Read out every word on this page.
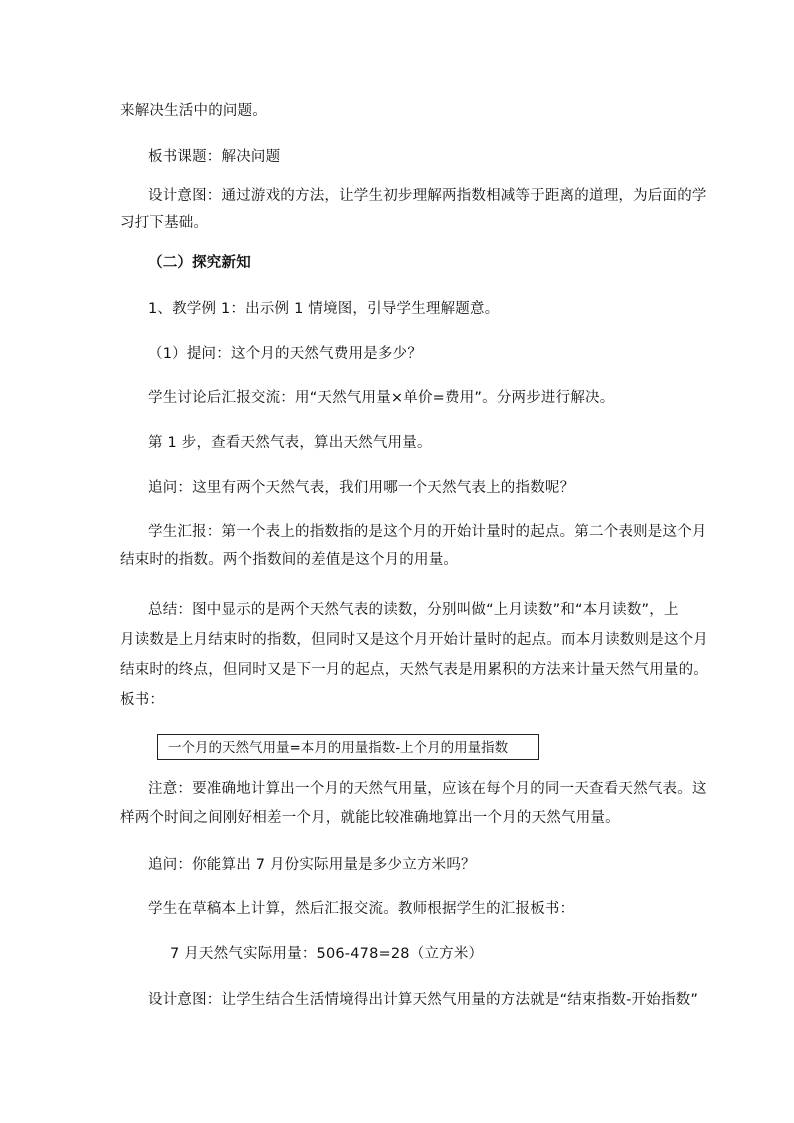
来解决生活中的问题。
板书课题：解决问题
设计意图：通过游戏的方法，让学生初步理解两指数相减等于距离的道理，为后面的学
习打下基础。
（二）探究新知
1、教学例 1：出示例 1 情境图，引导学生理解题意。
（1）提问：这个月的天然气费用是多少？
学生讨论后汇报交流：用“天然气用量×单价=费用”。分两步进行解决。
第 1 步，查看天然气表，算出天然气用量。
追问：这里有两个天然气表，我们用哪一个天然气表上的指数呢？
学生汇报：第一个表上的指数指的是这个月的开始计量时的起点。第二个表则是这个月
结束时的指数。两个指数间的差值是这个月的用量。
总结：图中显示的是两个天然气表的读数，分别叫做“上月读数”和“本月读数”，上
月读数是上月结束时的指数，但同时又是这个月开始计量时的起点。而本月读数则是这个月
结束时的终点，但同时又是下一月的起点，天然气表是用累积的方法来计量天然气用量的。
板书：
一个月的天然气用量=本月的用量指数-上个月的用量指数
注意：要准确地计算出一个月的天然气用量，应该在每个月的同一天查看天然气表。这
样两个时间之间刚好相差一个月，就能比较准确地算出一个月的天然气用量。
追问：你能算出 7 月份实际用量是多少立方米吗？
学生在草稿本上计算，然后汇报交流。教师根据学生的汇报板书：
7 月天然气实际用量：506-478=28（立方米）
设计意图：让学生结合生活情境得出计算天然气用量的方法就是“结束指数-开始指数”
